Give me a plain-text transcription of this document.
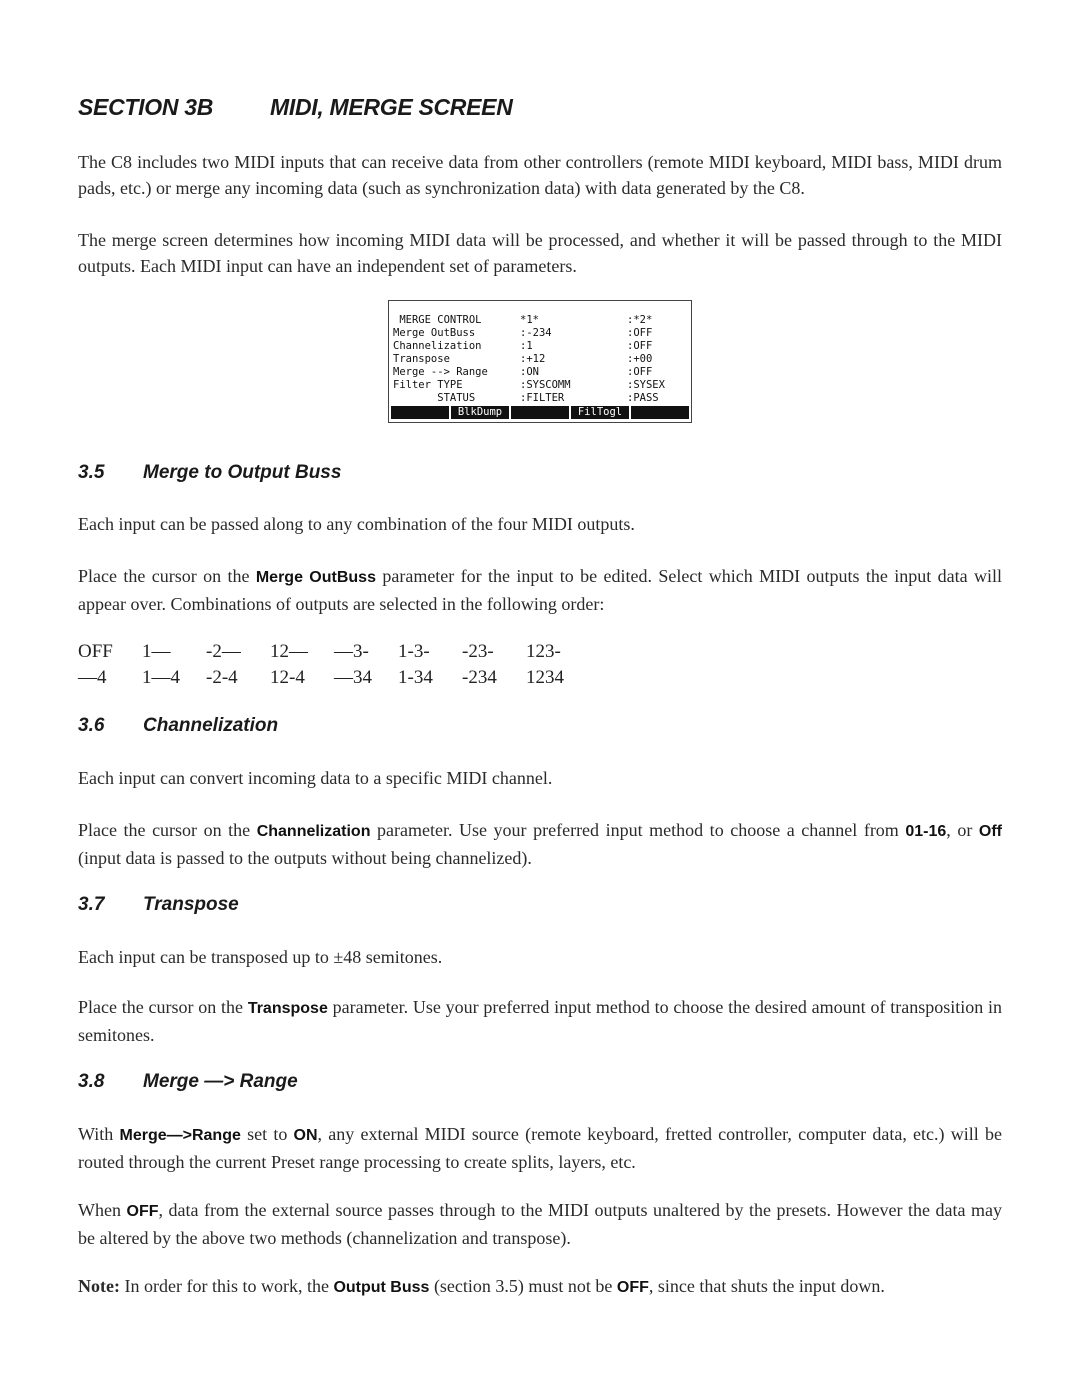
SECTION 3B MIDI, MERGE SCREEN
The C8 includes two MIDI inputs that can receive data from other controllers (remote MIDI keyboard, MIDI bass, MIDI drum pads, etc.) or merge any incoming data (such as synchronization data) with data generated by the C8.
The merge screen determines how incoming MIDI data will be processed, and whether it will be passed through to the MIDI outputs. Each MIDI input can have an independent set of parameters.
MERGE CONTROL	*1*	:*2*
Merge OutBuss	:-234	:OFF
Channelization	:1	:OFF
Transpose	:+12	:+00
Merge --> Range	:ON	:OFF
Filter TYPE	:SYSCOMM	:SYSEX
STATUS	:FILTER	:PASS
BlkDump	FilTogl
3.5 Merge to Output Buss
Each input can be passed along to any combination of the four MIDI outputs.
Place the cursor on the Merge OutBuss parameter for the input to be edited. Select which MIDI outputs the input data will appear over. Combinations of outputs are selected in the following order:
OFF	1—	-2—	12—	—3-	1-3-	-23-	123-
—4	1—4	-2-4	12-4	—34	1-34	-234	1234
3.6 Channelization
Each input can convert incoming data to a specific MIDI channel.
Place the cursor on the Channelization parameter. Use your preferred input method to choose a channel from 01-16, or Off (input data is passed to the outputs without being channelized).
3.7 Transpose
Each input can be transposed up to ±48 semitones.
Place the cursor on the Transpose parameter. Use your preferred input method to choose the desired amount of transposition in semitones.
3.8 Merge —> Range
With Merge—>Range set to ON, any external MIDI source (remote keyboard, fretted controller, computer data, etc.) will be routed through the current Preset range processing to create splits, layers, etc.
When OFF, data from the external source passes through to the MIDI outputs unaltered by the presets. However the data may be altered by the above two methods (channelization and transpose).
Note: In order for this to work, the Output Buss (section 3.5) must not be OFF, since that shuts the input down.
